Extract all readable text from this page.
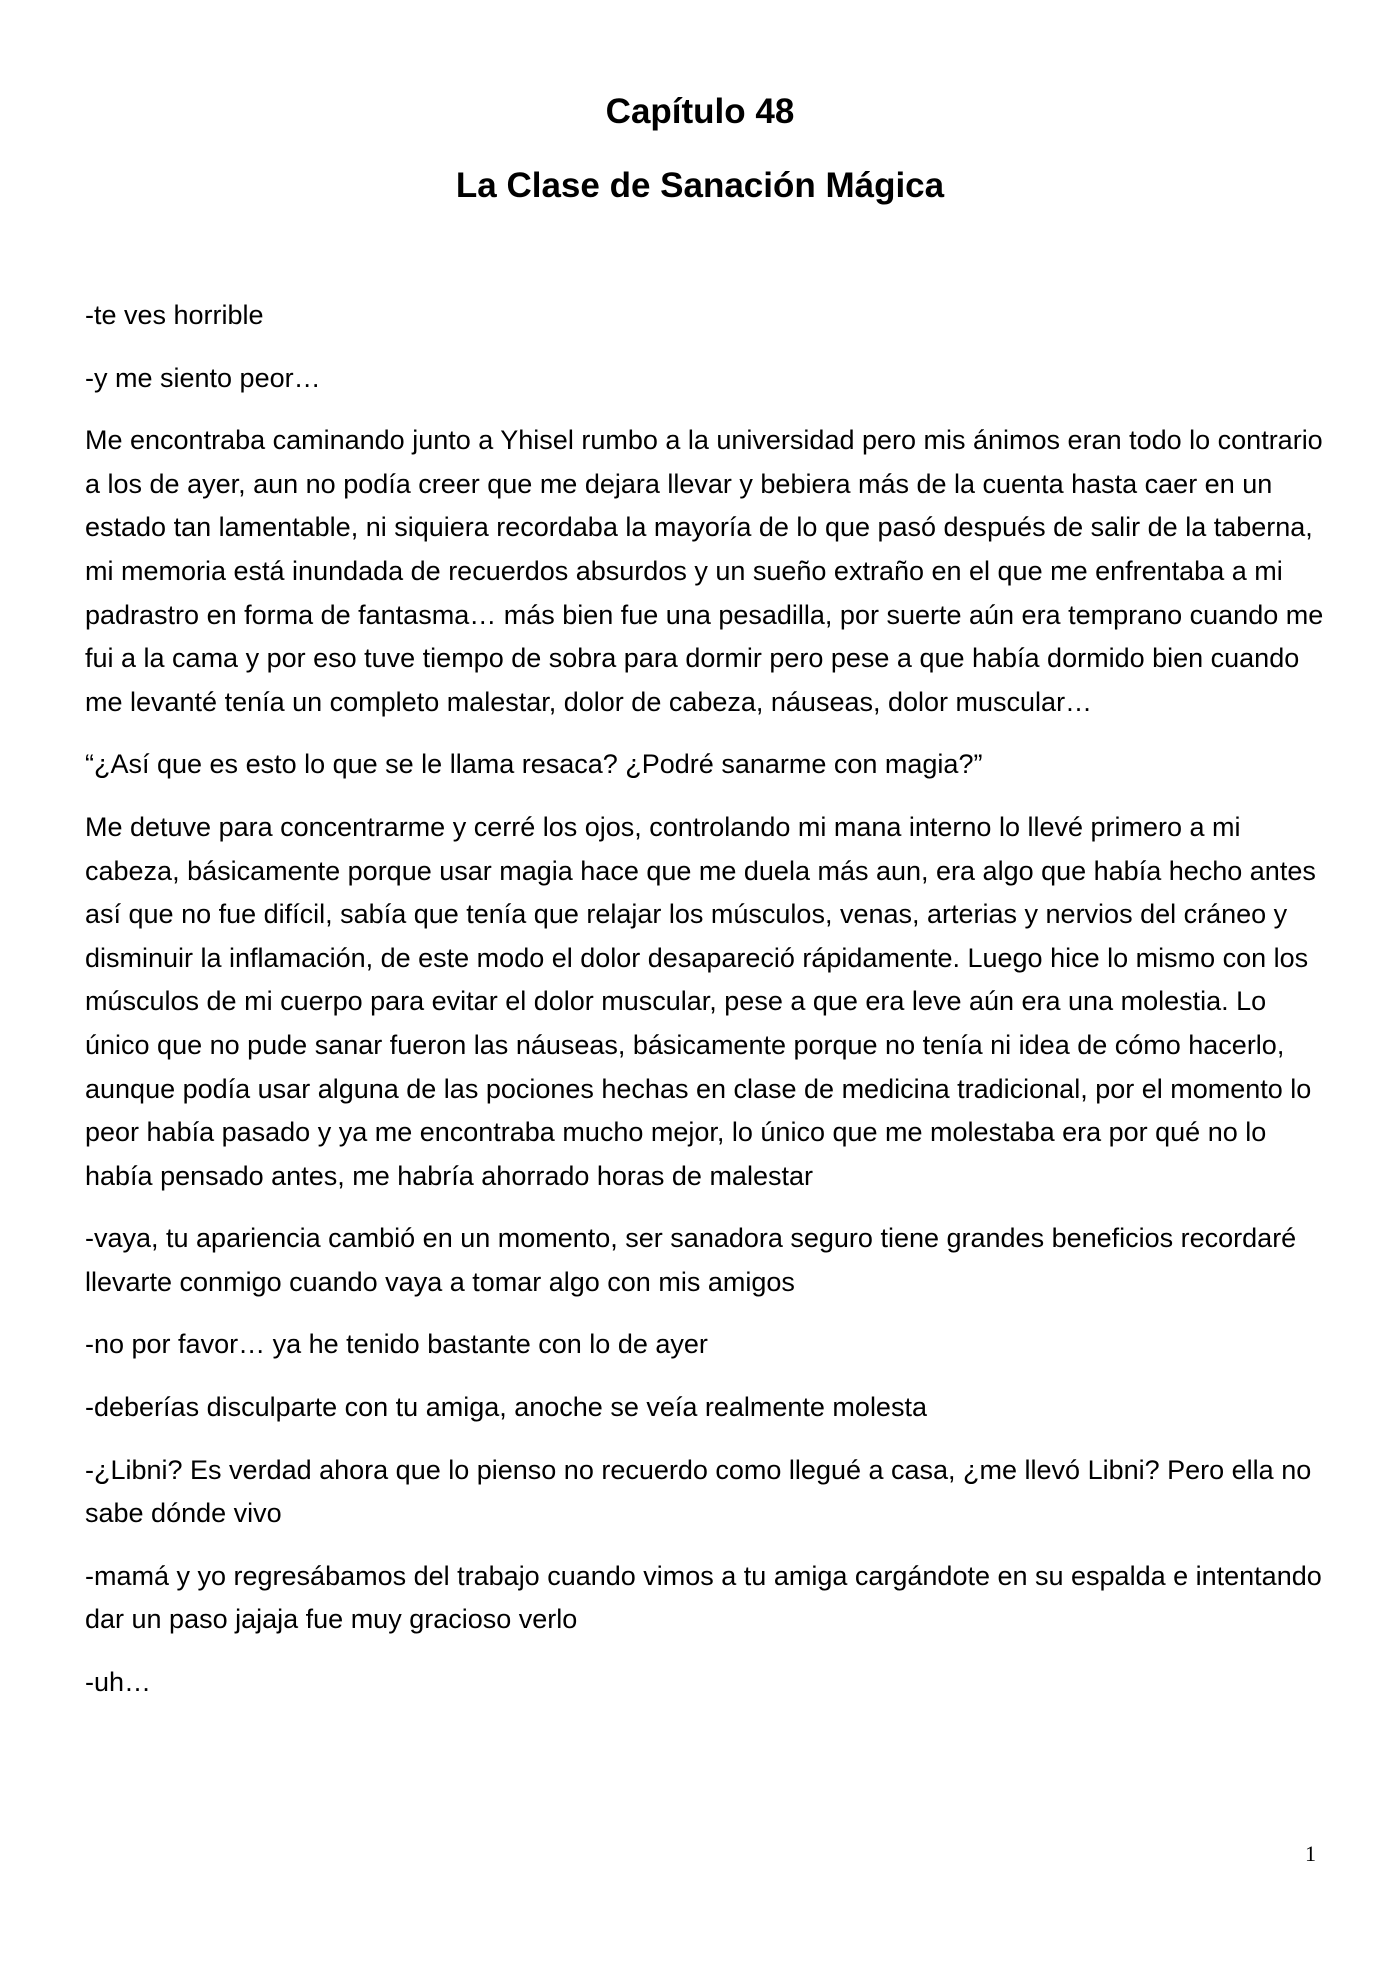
Capítulo 48
La Clase de Sanación Mágica

-te ves horrible

-y me siento peor…

Me encontraba caminando junto a Yhisel rumbo a la universidad pero mis ánimos eran todo lo contrario a los de ayer, aun no podía creer que me dejara llevar y bebiera más de la cuenta hasta caer en un estado tan lamentable, ni siquiera recordaba la mayoría de lo que pasó después de salir de la taberna, mi memoria está inundada de recuerdos absurdos y un sueño extraño en el que me enfrentaba a mi padrastro en forma de fantasma… más bien fue una pesadilla, por suerte aún era temprano cuando me fui a la cama y por eso tuve tiempo de sobra para dormir pero pese a que había dormido bien cuando me levanté tenía un completo malestar, dolor de cabeza, náuseas, dolor muscular…

“¿Así que es esto lo que se le llama resaca? ¿Podré sanarme con magia?”

Me detuve para concentrarme y cerré los ojos, controlando mi mana interno lo llevé primero a mi cabeza, básicamente porque usar magia hace que me duela más aun, era algo que había hecho antes así que no fue difícil, sabía que tenía que relajar los músculos, venas, arterias y nervios del cráneo y disminuir la inflamación, de este modo el dolor desapareció rápidamente. Luego hice lo mismo con los músculos de mi cuerpo para evitar el dolor muscular, pese a que era leve aún era una molestia. Lo único que no pude sanar fueron las náuseas, básicamente porque no tenía ni idea de cómo hacerlo, aunque podía usar alguna de las pociones hechas en clase de medicina tradicional, por el momento lo peor había pasado y ya me encontraba mucho mejor, lo único que me molestaba era por qué no lo había pensado antes, me habría ahorrado horas de malestar

-vaya, tu apariencia cambió en un momento, ser sanadora seguro tiene grandes beneficios recordaré llevarte conmigo cuando vaya a tomar algo con mis amigos

-no por favor… ya he tenido bastante con lo de ayer

-deberías disculparte con tu amiga, anoche se veía realmente molesta

-¿Libni? Es verdad ahora que lo pienso no recuerdo como llegué a casa, ¿me llevó Libni? Pero ella no sabe dónde vivo

-mamá y yo regresábamos del trabajo cuando vimos a tu amiga cargándote en su espalda e intentando dar un paso jajaja fue muy gracioso verlo

-uh…

1
